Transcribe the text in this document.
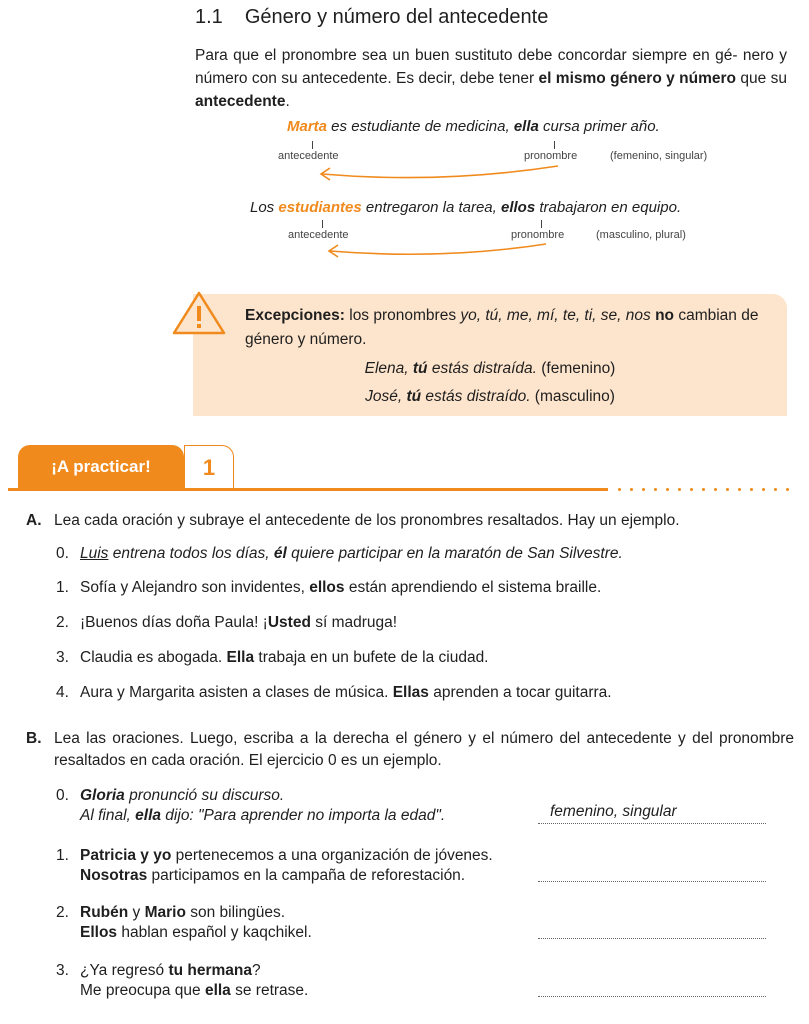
1.1 Género y número del antecedente
Para que el pronombre sea un buen sustituto debe concordar siempre en gé- nero y número con su antecedente. Es decir, debe tener el mismo género y número que su antecedente.
Marta es estudiante de medicina, ella cursa primer año.
antecedente	pronombre	(femenino, singular)
Los estudiantes entregaron la tarea, ellos trabajaron en equipo.
antecedente	pronombre	(masculino, plural)
Excepciones: los pronombres yo, tú, me, mí, te, ti, se, nos no cambian de género y número.
Elena, tú estás distraída. (femenino)
José, tú estás distraído. (masculino)
¡A practicar!	1
A. Lea cada oración y subraye el antecedente de los pronombres resaltados. Hay un ejemplo.
0. Luis entrena todos los días, él quiere participar en la maratón de San Silvestre.
1. Sofía y Alejandro son invidentes, ellos están aprendiendo el sistema braille.
2. ¡Buenos días doña Paula! ¡Usted sí madruga!
3. Claudia es abogada. Ella trabaja en un bufete de la ciudad.
4. Aura y Margarita asisten a clases de música. Ellas aprenden a tocar guitarra.
B. Lea las oraciones. Luego, escriba a la derecha el género y el número del antecedente y del pronombre resaltados en cada oración. El ejercicio 0 es un ejemplo.
0. Gloria pronunció su discurso.
Al final, ella dijo: "Para aprender no importa la edad".	femenino, singular
1. Patricia y yo pertenecemos a una organización de jóvenes.
Nosotras participamos en la campaña de reforestación.
2. Rubén y Mario son bilingües.
Ellos hablan español y kaqchikel.
3. ¿Ya regresó tu hermana?
Me preocupa que ella se retrase.
